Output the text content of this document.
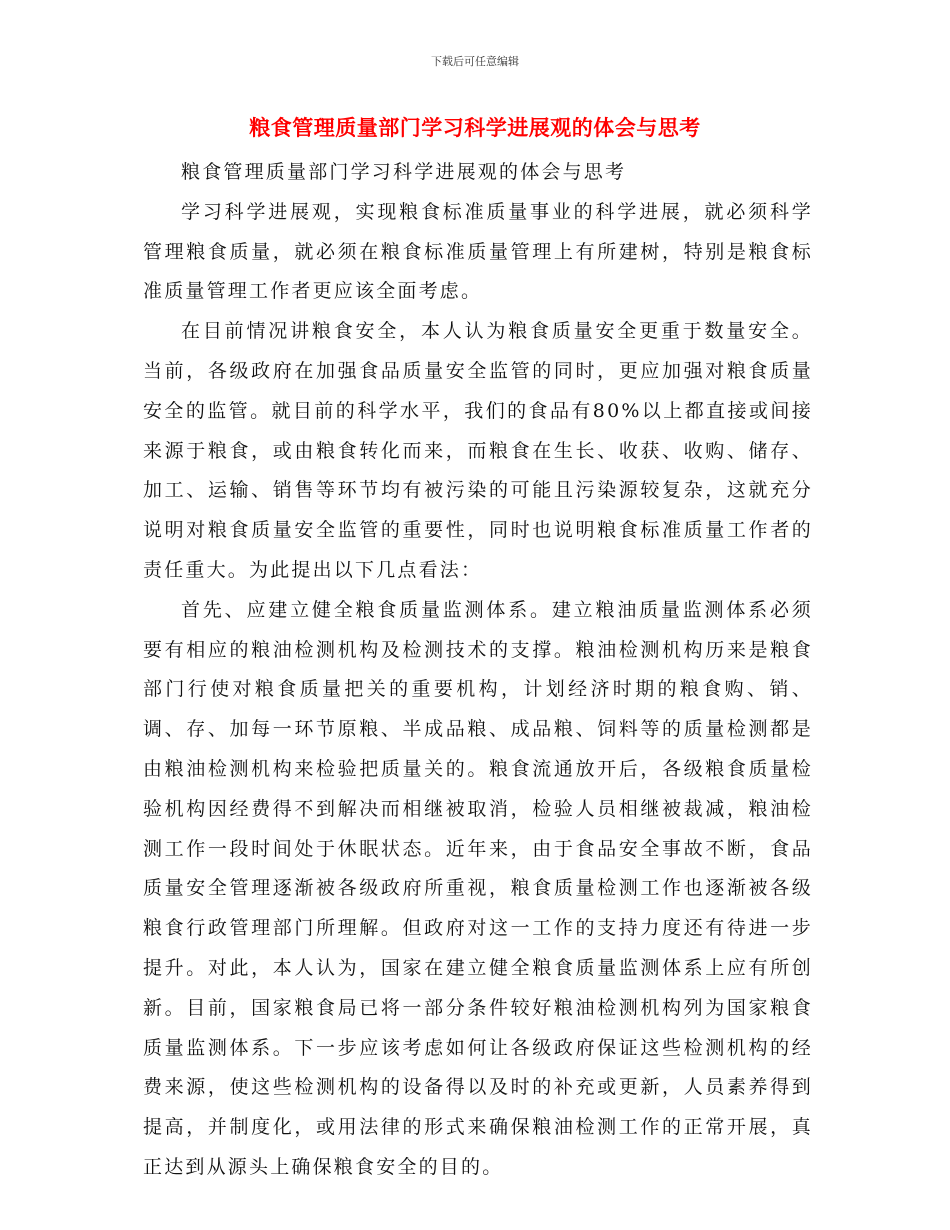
下载后可任意编辑
粮食管理质量部门学习科学进展观的体会与思考

粮食管理质量部门学习科学进展观的体会与思考

学习科学进展观，实现粮食标准质量事业的科学进展，就必须科学管理粮食质量，就必须在粮食标准质量管理上有所建树，特别是粮食标准质量管理工作者更应该全面考虑。

在目前情况讲粮食安全，本人认为粮食质量安全更重于数量安全。当前，各级政府在加强食品质量安全监管的同时，更应加强对粮食质量安全的监管。就目前的科学水平，我们的食品有80%以上都直接或间接来源于粮食，或由粮食转化而来，而粮食在生长、收获、收购、储存、加工、运输、销售等环节均有被污染的可能且污染源较复杂，这就充分说明对粮食质量安全监管的重要性，同时也说明粮食标准质量工作者的责任重大。为此提出以下几点看法：

首先、应建立健全粮食质量监测体系。建立粮油质量监测体系必须要有相应的粮油检测机构及检测技术的支撑。粮油检测机构历来是粮食部门行使对粮食质量把关的重要机构，计划经济时期的粮食购、销、调、存、加每一环节原粮、半成品粮、成品粮、饲料等的质量检测都是由粮油检测机构来检验把质量关的。粮食流通放开后，各级粮食质量检验机构因经费得不到解决而相继被取消，检验人员相继被裁减，粮油检测工作一段时间处于休眠状态。近年来，由于食品安全事故不断，食品质量安全管理逐渐被各级政府所重视，粮食质量检测工作也逐渐被各级粮食行政管理部门所理解。但政府对这一工作的支持力度还有待进一步提升。对此，本人认为，国家在建立健全粮食质量监测体系上应有所创新。目前，国家粮食局已将一部分条件较好粮油检测机构列为国家粮食质量监测体系。下一步应该考虑如何让各级政府保证这些检测机构的经费来源，使这些检测机构的设备得以及时的补充或更新，人员素养得到提高，并制度化，或用法律的形式来确保粮油检测工作的正常开展，真正达到从源头上确保粮食安全的目的。
